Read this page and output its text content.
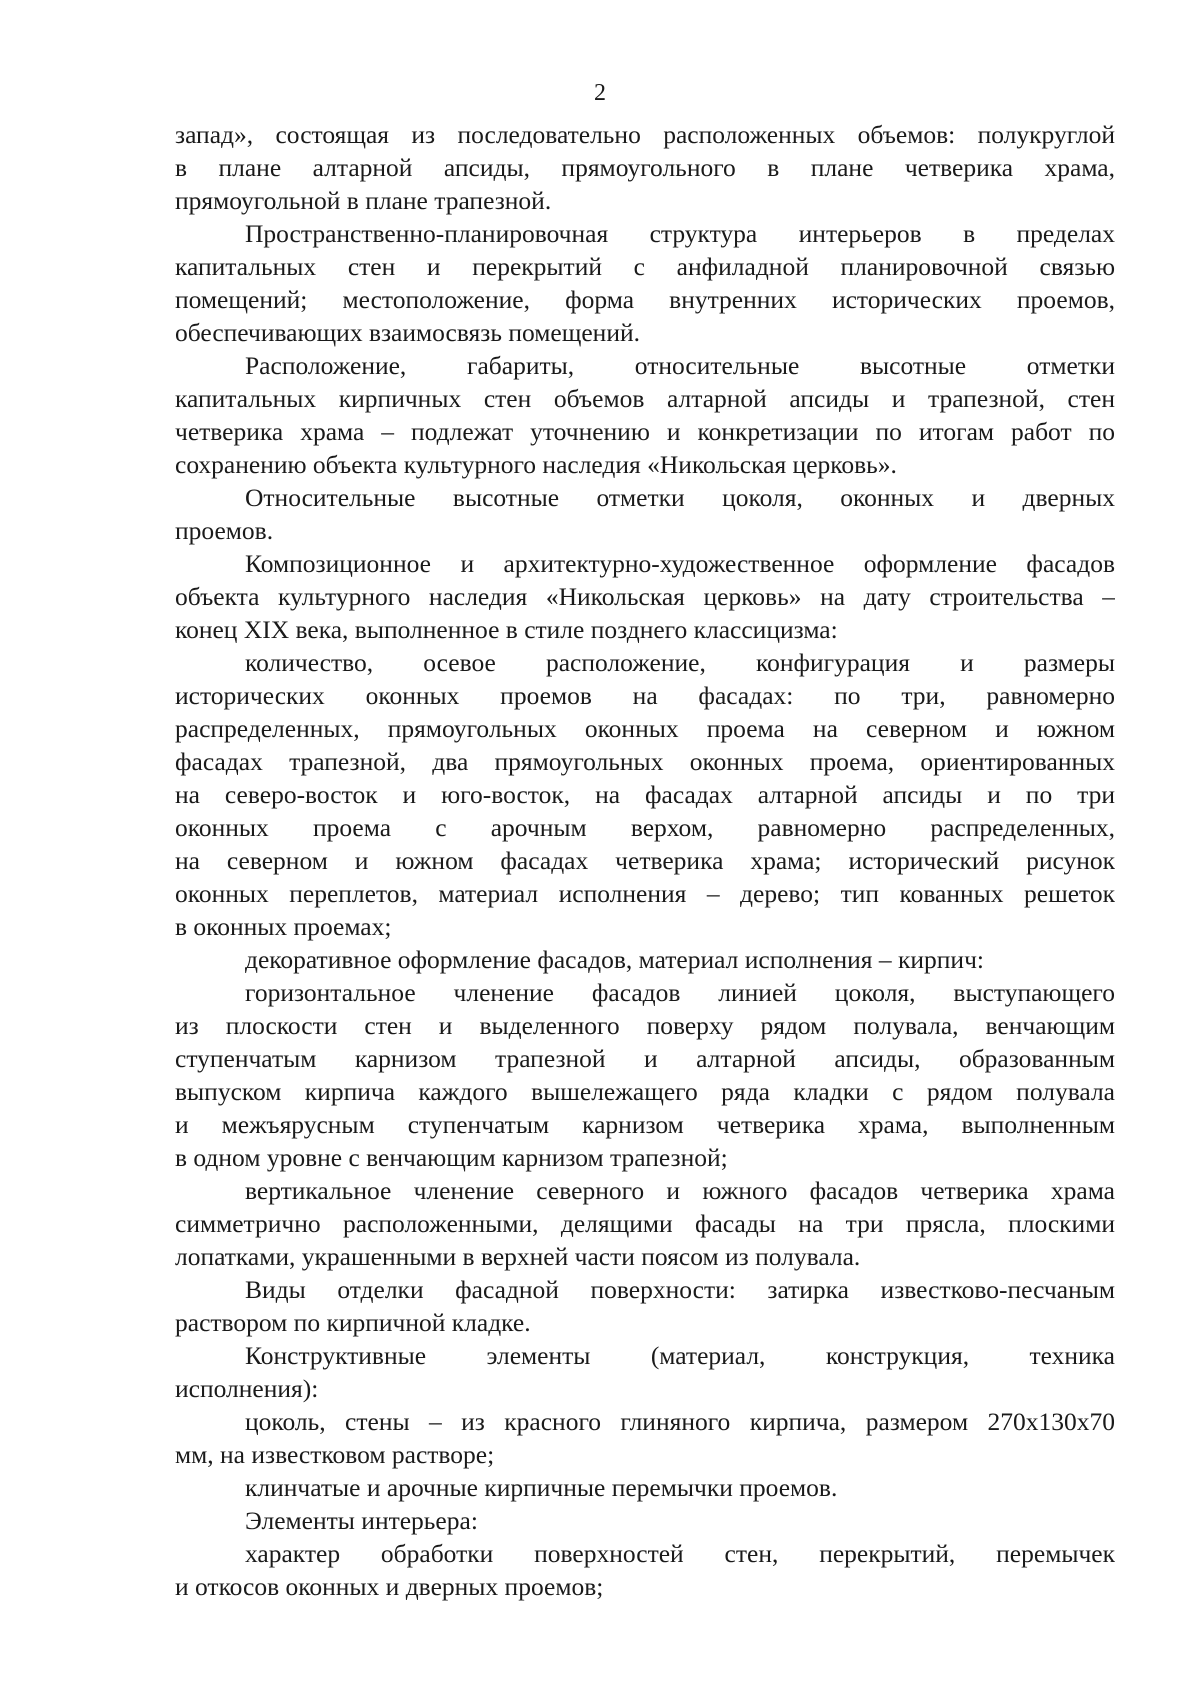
2
запад», состоящая из последовательно расположенных объемов: полукруглой
в плане алтарной апсиды, прямоугольного в плане четверика храма,
прямоугольной в плане трапезной.
Пространственно-планировочная структура интерьеров в пределах
капитальных стен и перекрытий с анфиладной планировочной связью
помещений; местоположение, форма внутренних исторических проемов,
обеспечивающих взаимосвязь помещений.
Расположение, габариты, относительные высотные отметки
капитальных кирпичных стен объемов алтарной апсиды и трапезной, стен
четверика храма – подлежат уточнению и конкретизации по итогам работ по
сохранению объекта культурного наследия «Никольская церковь».
Относительные высотные отметки цоколя, оконных и дверных
проемов.
Композиционное и архитектурно-художественное оформление фасадов
объекта культурного наследия «Никольская церковь» на дату строительства –
конец XIX века, выполненное в стиле позднего классицизма:
количество, осевое расположение, конфигурация и размеры
исторических оконных проемов на фасадах: по три, равномерно
распределенных, прямоугольных оконных проема на северном и южном
фасадах трапезной, два прямоугольных оконных проема, ориентированных
на северо-восток и юго-восток, на фасадах алтарной апсиды и по три
оконных проема с арочным верхом, равномерно распределенных,
на северном и южном фасадах четверика храма; исторический рисунок
оконных переплетов, материал исполнения – дерево; тип кованных решеток
в оконных проемах;
декоративное оформление фасадов, материал исполнения – кирпич:
горизонтальное членение фасадов линией цоколя, выступающего
из плоскости стен и выделенного поверху рядом полувала, венчающим
ступенчатым карнизом трапезной и алтарной апсиды, образованным
выпуском кирпича каждого вышележащего ряда кладки с рядом полувала
и межъярусным ступенчатым карнизом четверика храма, выполненным
в одном уровне с венчающим карнизом трапезной;
вертикальное членение северного и южного фасадов четверика храма
симметрично расположенными, делящими фасады на три прясла, плоскими
лопатками, украшенными в верхней части поясом из полувала.
Виды отделки фасадной поверхности: затирка известково-песчаным
раствором по кирпичной кладке.
Конструктивные элементы (материал, конструкция, техника
исполнения):
цоколь, стены – из красного глиняного кирпича, размером 270x130x70
мм, на известковом растворе;
клинчатые и арочные кирпичные перемычки проемов.
Элементы интерьера:
характер обработки поверхностей стен, перекрытий, перемычек
и откосов оконных и дверных проемов;
